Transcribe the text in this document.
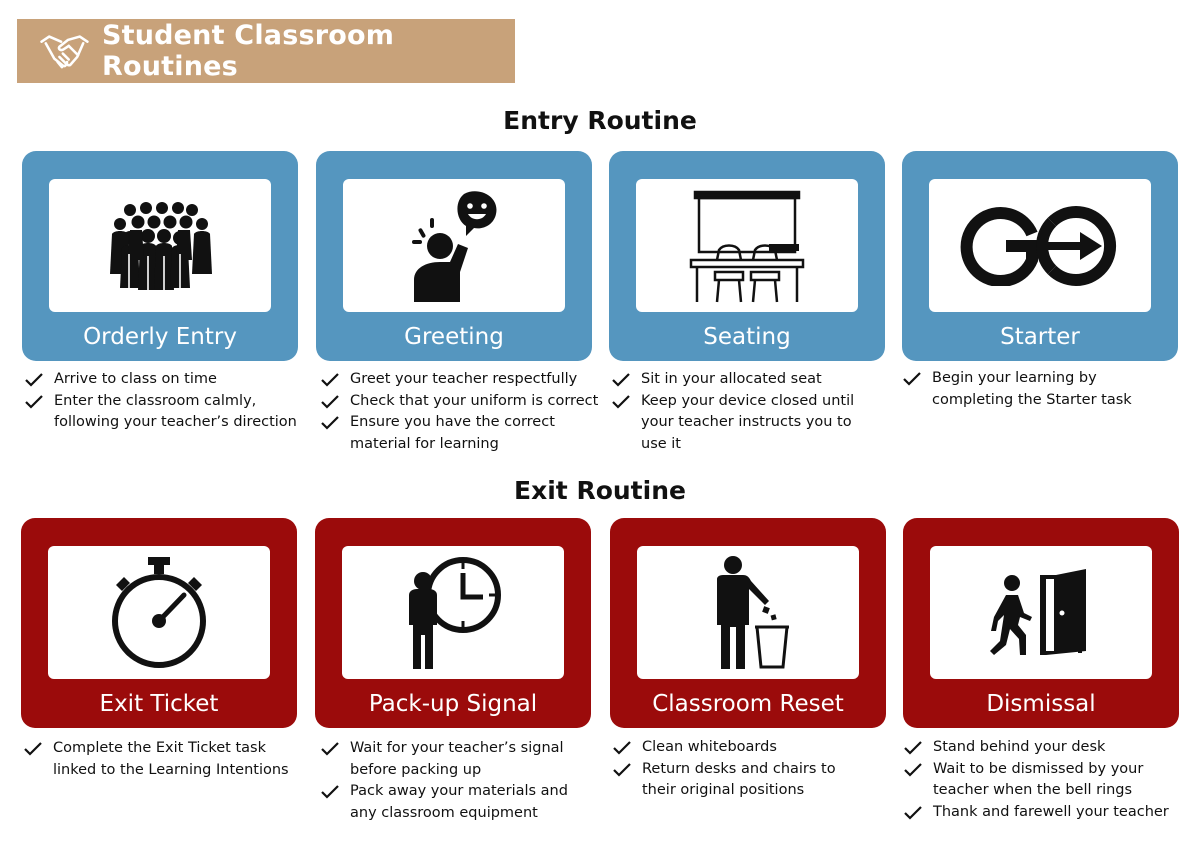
Student Classroom Routines
Entry Routine
Orderly Entry	Greeting	Seating	Starter
Arrive to class on time
Enter the classroom calmly, following your teacher’s direction
Greet your teacher respectfully
Check that your uniform is correct
Ensure you have the correct material for learning
Sit in your allocated seat
Keep your device closed until your teacher instructs you to use it
Begin your learning by completing the Starter task
Exit Routine
Exit Ticket	Pack-up Signal	Classroom Reset	Dismissal
Complete the Exit Ticket task linked to the Learning Intentions
Wait for your teacher’s signal before packing up
Pack away your materials and any classroom equipment
Clean whiteboards
Return desks and chairs to their original positions
Stand behind your desk
Wait to be dismissed by your teacher when the bell rings
Thank and farewell your teacher
